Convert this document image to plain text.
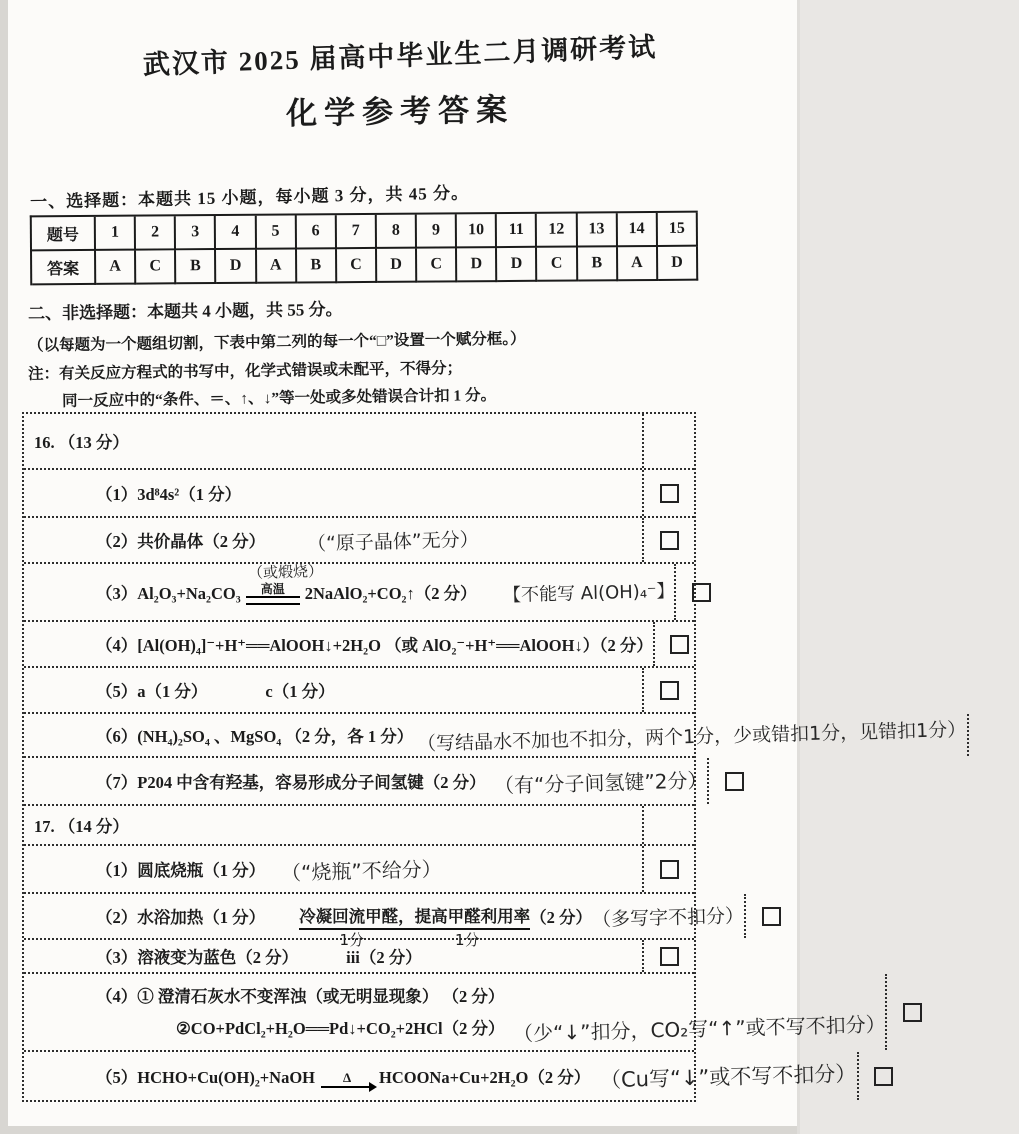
武汉市 2025 届高中毕业生二月调研考试
化学参考答案
一、选择题：本题共 15 小题，每小题 3 分，共 45 分。
题号	1	2	3	4	5	6	7	8	9	10	11	12	13	14	15
答案	A	C	B	D	A	B	C	D	C	D	D	C	B	A	D
二、非选择题：本题共 4 小题，共 55 分。
（以每题为一个题组切割，下表中第二列的每一个“□”设置一个赋分框。）
注：有关反应方程式的书写中，化学式错误或未配平，不得分；
同一反应中的“条件、＝、↑、↓”等一处或多处错误合计扣 1 分。
16. （13 分）
（1）3d⁸4s²（1 分）
（2）共价晶体（2 分） （“原子晶体”无分）
（3）Al₂O₃+Na₂CO₃
（或煅烧）
高温 2NaAlO₂+CO₂↑（2 分） 【不能写 Al(OH)₄⁻】
（4）[Al(OH)₄]⁻+H⁺══AlOOH↓+2H₂O （或 AlO₂⁻+H⁺══AlOOH↓）（2 分）
（5）a（1 分）	c（1 分）
（6）(NH₄)₂SO₄ 、MgSO₄ （2 分，各 1 分） （写结晶水不加也不扣分，两个1分，少或错扣1分，见错扣1分）
（7）P204 中含有羟基，容易形成分子间氢键（2 分） （有“分子间氢键”2分）
17. （14 分）
（1）圆底烧瓶（1 分） （“烧瓶”不给分）
（2）水浴加热（1 分） 冷凝回流甲醛，
1分
提高甲醛利用率
1分
（2 分） （多写字不扣分）
（3）溶液变为蓝色（2 分）	iii（2 分）
（4）① 澄清石灰水不变浑浊（或无明显现象） （2 分）
②CO+PdCl₂+H₂O══Pd↓+CO₂+2HCl（2 分） （少“↓”扣分，CO₂写“↑”或不写不扣分）
（5）HCHO+Cu(OH)₂+NaOH Δ HCOONa+Cu+2H₂O（2 分） （Cu写“↓”或不写不扣分）
